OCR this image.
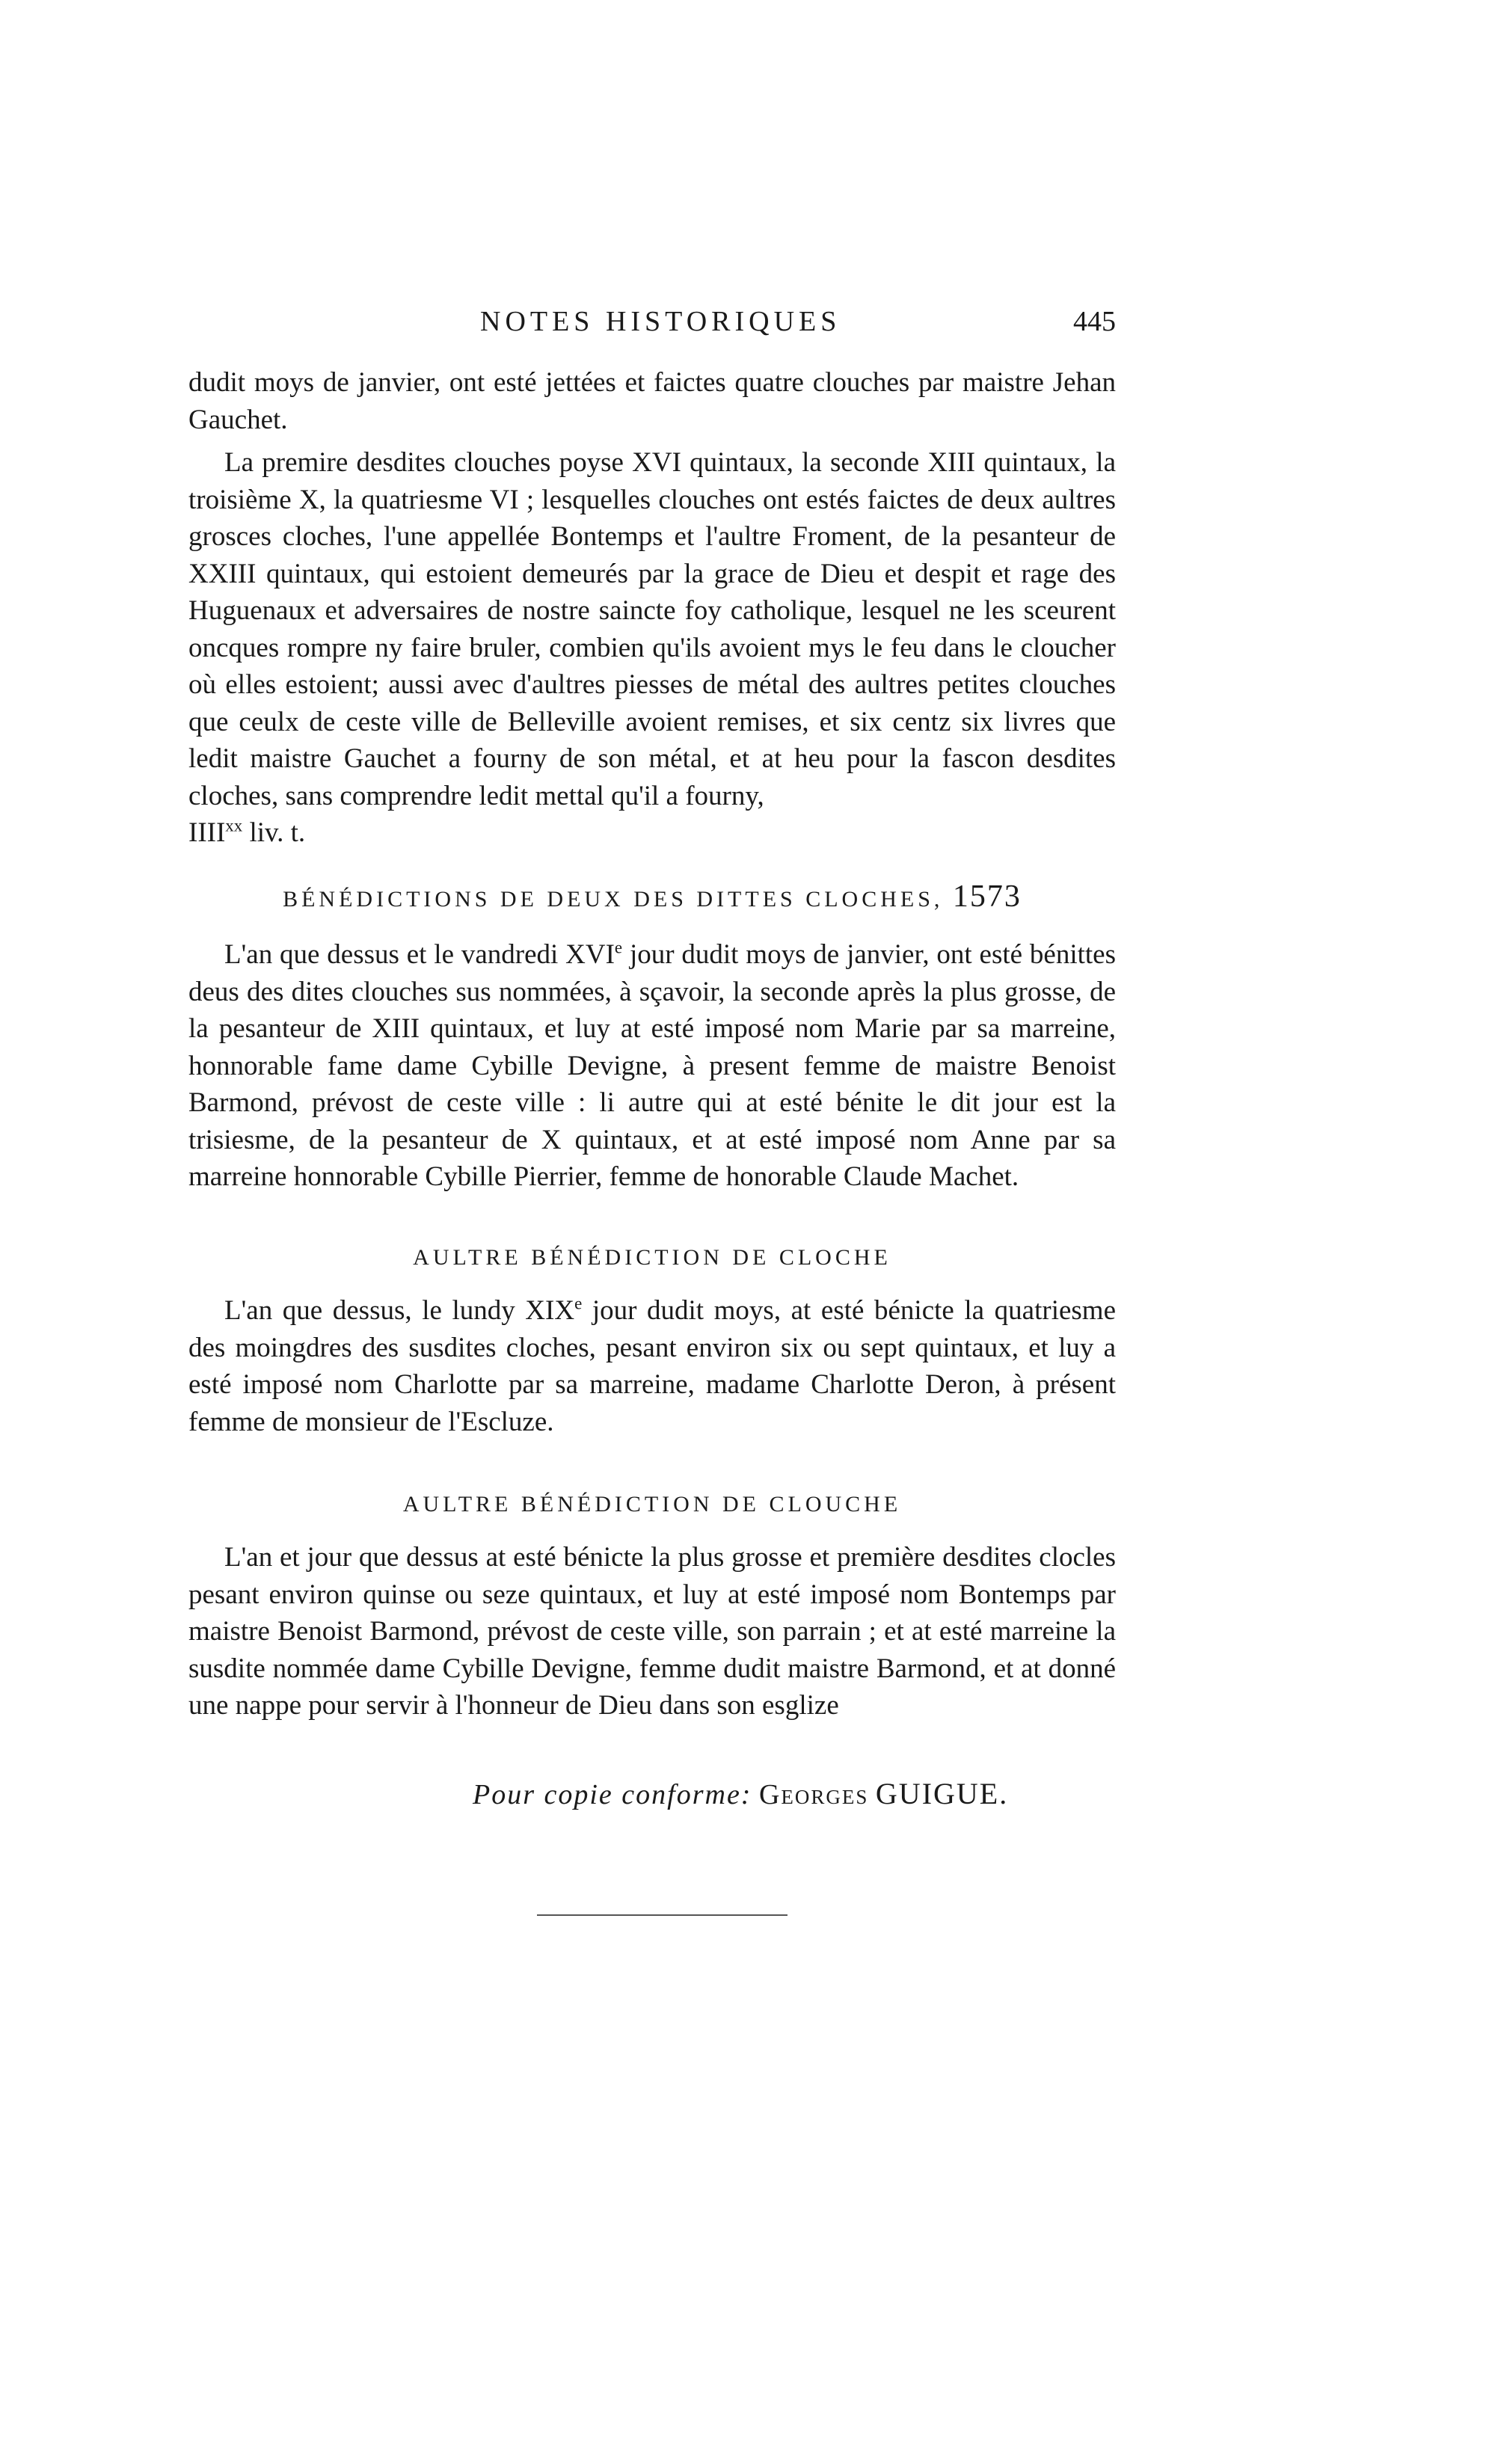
NOTES HISTORIQUES	445

dudit moys de janvier, ont esté jettées et faictes quatre clouches par maistre Jehan Gauchet.

La premire desdites clouches poyse XVI quintaux, la seconde XIII quintaux, la troisième X, la quatriesme VI ; lesquelles clouches ont estés faictes de deux aultres grosces cloches, l'une appellée Bontemps et l'aultre Froment, de la pesanteur de XXIII quintaux, qui estoient demeurés par la grace de Dieu et despit et rage des Huguenaux et adversaires de nostre saincte foy catholique, lesquel ne les sceurent oncques rompre ny faire bruler, combien qu'ils avoient mys le feu dans le cloucher où elles estoient; aussi avec d'aultres piesses de métal des aultres petites clouches que ceulx de ceste ville de Belleville avoient remises, et six centz six livres que ledit maistre Gauchet a fourny de son métal, et at heu pour la fascon desdites cloches, sans comprendre ledit mettal qu'il a fourny,
IIII$^{xx}$ liv. t.

BÉNÉDICTIONS DE DEUX DES DITTES CLOCHES, 1573

L'an que dessus et le vandredi XVIe jour dudit moys de janvier, ont esté bénittes deus des dites clouches sus nommées, à sçavoir, la seconde après la plus grosse, de la pesanteur de XIII quintaux, et luy at esté imposé nom Marie par sa marreine, honnorable fame dame Cybille Devigne, à present femme de maistre Benoist Barmond, prévost de ceste ville : li autre qui at esté bénite le dit jour est la trisiesme, de la pesanteur de X quintaux, et at esté imposé nom Anne par sa marreine honnorable Cybille Pierrier, femme de honorable Claude Machet.

AULTRE BÉNÉDICTION DE CLOCHE

L'an que dessus, le lundy XIXe jour dudit moys, at esté bénicte la quatriesme des moingdres des susdites cloches, pesant environ six ou sept quintaux, et luy a esté imposé nom Charlotte par sa marreine, madame Charlotte Deron, à présent femme de monsieur de l'Escluze.

AULTRE BÉNÉDICTION DE CLOUCHE

L'an et jour que dessus at esté bénicte la plus grosse et première desdites clocles pesant environ quinse ou seze quintaux, et luy at esté imposé nom Bontemps par maistre Benoist Barmond, prévost de ceste ville, son parrain ; et at esté marreine la susdite nommée dame Cybille Devigne, femme dudit maistre Barmond, et at donné une nappe pour servir à l'honneur de Dieu dans son esglize

Pour copie conforme: Georges GUIGUE.
